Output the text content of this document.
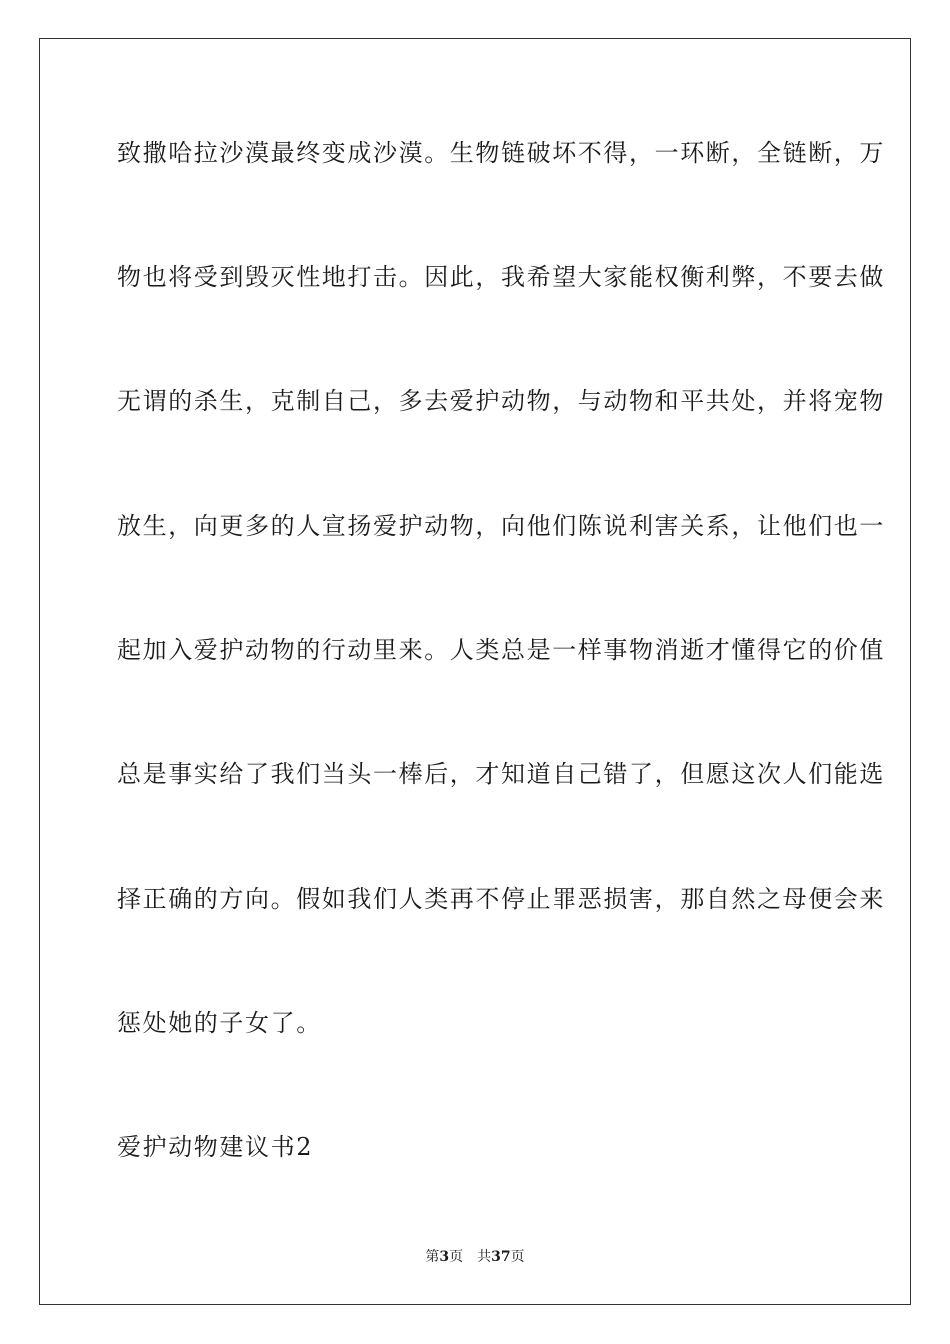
致撒哈拉沙漠最终变成沙漠。生物链破坏不得，一环断，全链断，万
物也将受到毁灭性地打击。因此，我希望大家能权衡利弊，不要去做
无谓的杀生，克制自己，多去爱护动物，与动物和平共处，并将宠物
放生，向更多的人宣扬爱护动物，向他们陈说利害关系，让他们也一
起加入爱护动物的行动里来。人类总是一样事物消逝才懂得它的价值
总是事实给了我们当头一棒后，才知道自己错了，但愿这次人们能选
择正确的方向。假如我们人类再不停止罪恶损害，那自然之母便会来
惩处她的子女了。
爱护动物建议书2
第3页 共37页
